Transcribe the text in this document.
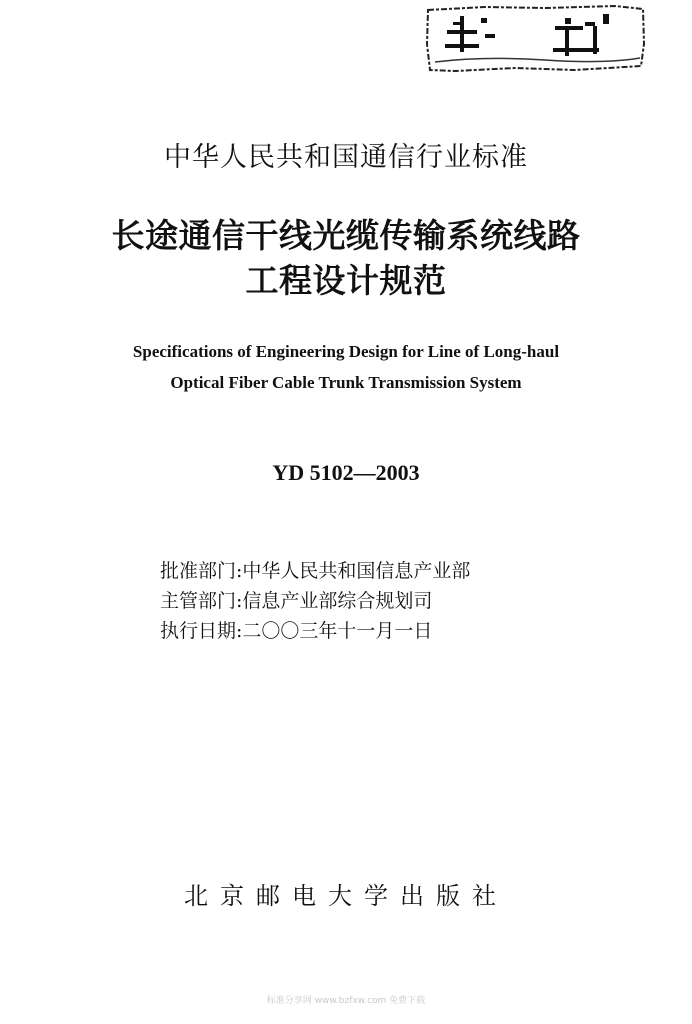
中华人民共和国通信行业标准
长途通信干线光缆传输系统线路
工程设计规范
Specifications of Engineering Design for Line of Long-haul
Optical Fiber Cable Trunk Transmission System
YD 5102—2003
批准部门:中华人民共和国信息产业部
主管部门:信息产业部综合规划司
执行日期:二〇〇三年十一月一日
北京邮电大学出版社
标准分享网 www.bzfxw.com 免费下载
